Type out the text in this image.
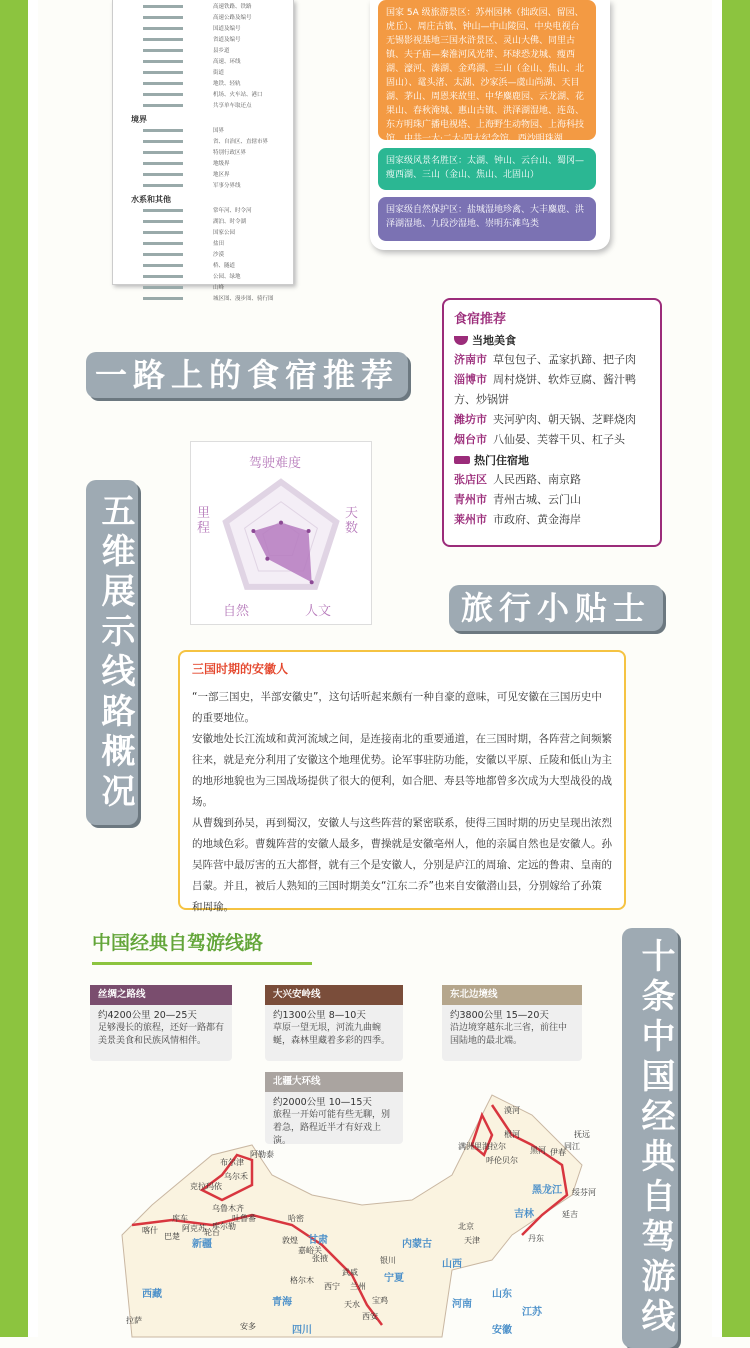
高速铁路、铁路
高速公路及编号
国道及编号
省道及编号
县乡道
高速、环线
街道
地铁、轻轨
机场、火车站、港口
共享单车取还点
境界
国界
省、自治区、直辖市界
特别行政区界
地级界
地区界
军事分界线
水系和其他
常年河、时令河
湖泊、时令湖
国家公园
盐田
沙漠
桥、隧道
公园、绿地
山峰
城区图、漫步图、骑行图
国家 5A 级旅游景区：苏州园林（拙政园、留园、虎丘）、周庄古镇、钟山—中山陵园、中央电视台无锡影视基地三国水浒景区、灵山大佛、同里古镇、夫子庙—秦淮河风光带、环球恐龙城、瘦西湖、濠河、溱湖、金鸡湖、三山（金山、焦山、北固山）、鼋头渚、太湖、沙家浜—虞山尚湖、天目湖、茅山、周恩来故里、中华麋鹿园、云龙湖、花果山、春秋淹城、惠山古镇、洪泽湖湿地、连岛、东方明珠广播电视塔、上海野生动物园、上海科技馆、中共一大·二大·四大纪念馆、西沙明珠湖
国家级风景名胜区：太湖、钟山、云台山、蜀冈—瘦西湖、三山（金山、焦山、北固山）
国家级自然保护区：盐城湿地珍禽、大丰麋鹿、洪泽湖湿地、九段沙湿地、崇明东滩鸟类
一路上的食宿推荐
食宿推荐
当地美食
济南市 草包包子、孟家扒蹄、把子肉
淄博市 周村烧饼、软炸豆腐、酱汁鸭方、炒锅饼
潍坊市 夹河驴肉、朝天锅、芝畔烧肉
烟台市 八仙晏、芙蓉干贝、杠子头
热门住宿地
张店区 人民西路、南京路
青州市 青州古城、云门山
莱州市 市政府、黄金海岸
五维展示线路概况
驾驶难度
天数
人文
自然
里程
旅行小贴士
三国时期的安徽人

“一部三国史，半部安徽史”，这句话听起来颇有一种自豪的意味，可见安徽在三国历史中的重要地位。

安徽地处长江流域和黄河流域之间，是连接南北的重要通道，在三国时期，各阵营之间频繁往来，就是充分利用了安徽这个地理优势。论军事驻防功能，安徽以平原、丘陵和低山为主的地形地貌也为三国战场提供了很大的便利，如合肥、寿县等地都曾多次成为大型战役的战场。

从曹魏到孙吴，再到蜀汉，安徽人与这些阵营的紧密联系，使得三国时期的历史呈现出浓烈的地域色彩。曹魏阵营的安徽人最多，曹操就是安徽亳州人，他的亲属自然也是安徽人。孙吴阵营中最厉害的五大都督，就有三个是安徽人，分别是庐江的周瑜、定远的鲁肃、皇南的吕蒙。并且，被后人熟知的三国时期美女“江东二乔”也来自安徽潜山县，分别嫁给了孙策和周瑜。

中国经典自驾游线路	十条中国经典自驾游线
丝绸之路线
约4200公里 20—25天
足够漫长的旅程，还好一路都有美景美食和民族风情相伴。
大兴安岭线
约1300公里 8—10天
草原一望无垠，河流九曲蜿蜒，森林里藏着多彩的四季。
东北边境线
约3800公里 15—20天
沿边境穿越东北三省，前往中国陆地的最北端。
北疆大环线
约2000公里 10—15天
旅程一开始可能有些无聊，别着急，路程近半才有好戏上演。
布尔津
阿勒泰
克拉玛依
乌尔禾
乌鲁木齐
库车	吐鲁番
喀什
巴楚
阿克苏
轮台
库尔勒
哈密
敦煌
嘉峪关
张掖
武威
兰州
西宁
格尔木
宝鸡
西安
天水
漠河
黑河
根河
满洲里 海拉尔
呼伦贝尔
伊春
抚远
同江
绥芬河
延吉
丹东
北京
天津
银川
拉萨
安多
新疆	甘肃	内蒙古
黑龙江
吉林
宁夏
山西
山东
河南
江苏
安徽
青海
西藏
四川
